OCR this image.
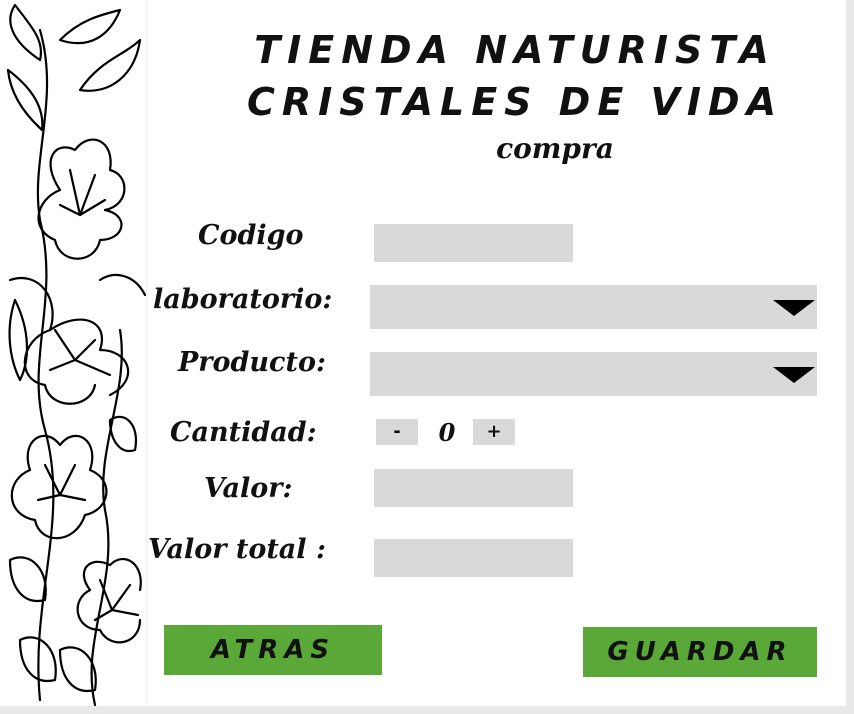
TIENDA NATURISTA
CRISTALES DE VIDA
compra
Codigo
laboratorio:
Producto:
Cantidad:	-	0	+
Valor:
Valor total :
ATRAS	GUARDAR
